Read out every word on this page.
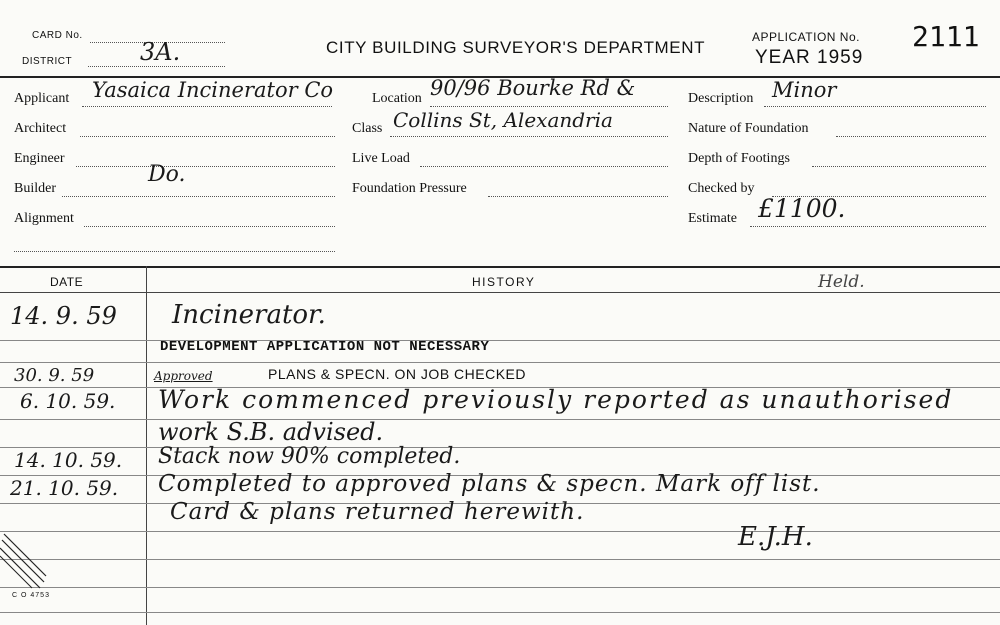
CARD No.
DISTRICT	3A.	CITY BUILDING SURVEYOR'S DEPARTMENT
APPLICATION No. 2111
YEAR 1959
Applicant Yasaica Incinerator Co
Architect
Engineer
Builder
Do.
Alignment
Location 90/96 Bourke Rd &
Class Collins St, Alexandria
Live Load
Foundation Pressure
Description Minor
Nature of Foundation
Depth of Footings
Checked by
Estimate £1100.
DATE	HISTORY	Held.
14. 9. 59 Incinerator.
DEVELOPMENT APPLICATION NOT NECESSARY
30. 9. 59	Approved	PLANS & SPECN. ON JOB CHECKED
6. 10. 59. Work commenced previously reported as unauthorised
work S.B. advised.
14. 10. 59. Stack now 90% completed.
21. 10. 59. Completed to approved plans & specn. Mark off list.
Card & plans returned herewith.
E.J.H.
C O 4753
